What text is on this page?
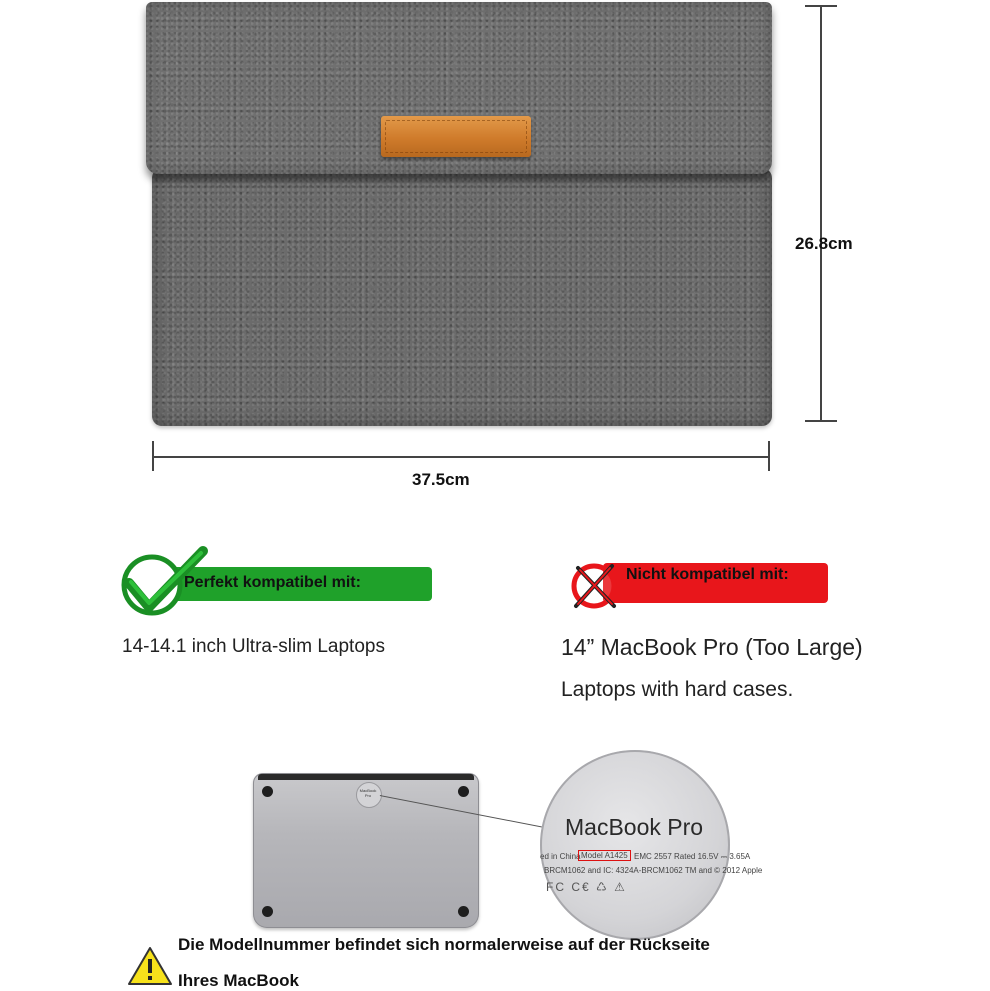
26.8cm
37.5cm
Perfekt kompatibel mit:
14-14.1 inch Ultra-slim Laptops
Nicht kompatibel mit:
14” MacBook Pro (Too Large)
Laptops with hard cases.
MacBook Pro
MacBook Pro
ed in China Model A1425 EMC 2557 Rated 16.5V ⎓ 3.65A
BRCM1062 and IC: 4324A-BRCM1062 TM and © 2012 Apple
FC C€ ♺ ⚠
Die Modellnummer befindet sich normalerweise auf der Rückseite
Ihres MacBook
